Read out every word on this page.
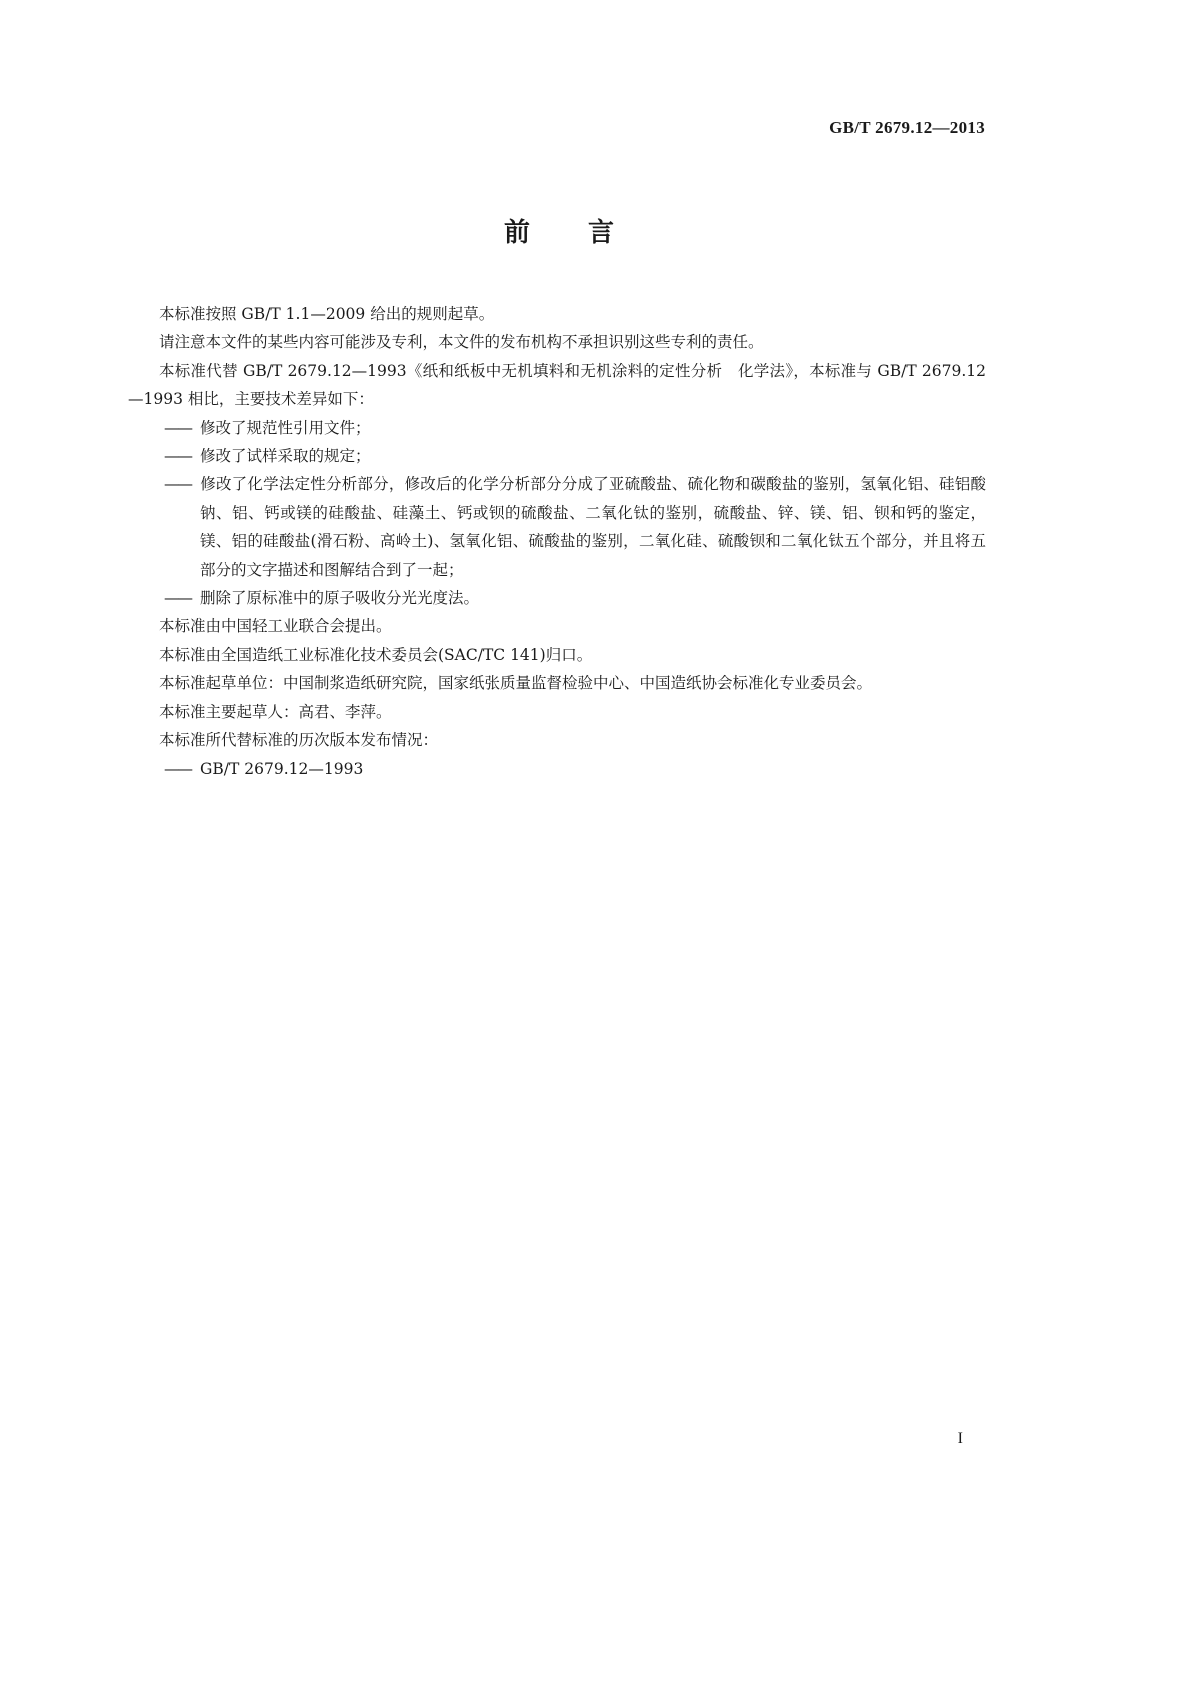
GB/T 2679.12—2013
前 言

本标准按照 GB/T 1.1—2009 给出的规则起草。

请注意本文件的某些内容可能涉及专利，本文件的发布机构不承担识别这些专利的责任。

本标准代替 GB/T 2679.12—1993《纸和纸板中无机填料和无机涂料的定性分析　化学法》，本标准与 GB/T 2679.12—1993 相比，主要技术差异如下：

—— 修改了规范性引用文件；

—— 修改了试样采取的规定；

—— 修改了化学法定性分析部分，修改后的化学分析部分分成了亚硫酸盐、硫化物和碳酸盐的鉴别，氢氧化铝、硅铝酸钠、铝、钙或镁的硅酸盐、硅藻土、钙或钡的硫酸盐、二氧化钛的鉴别，硫酸盐、锌、镁、铝、钡和钙的鉴定，镁、铝的硅酸盐(滑石粉、高岭土)、氢氧化铝、硫酸盐的鉴别，二氧化硅、硫酸钡和二氧化钛五个部分，并且将五部分的文字描述和图解结合到了一起；

—— 删除了原标准中的原子吸收分光光度法。

本标准由中国轻工业联合会提出。

本标准由全国造纸工业标准化技术委员会(SAC/TC 141)归口。

本标准起草单位：中国制浆造纸研究院，国家纸张质量监督检验中心、中国造纸协会标准化专业委员会。

本标准主要起草人：高君、李萍。

本标准所代替标准的历次版本发布情况：

—— GB/T 2679.12—1993

I
